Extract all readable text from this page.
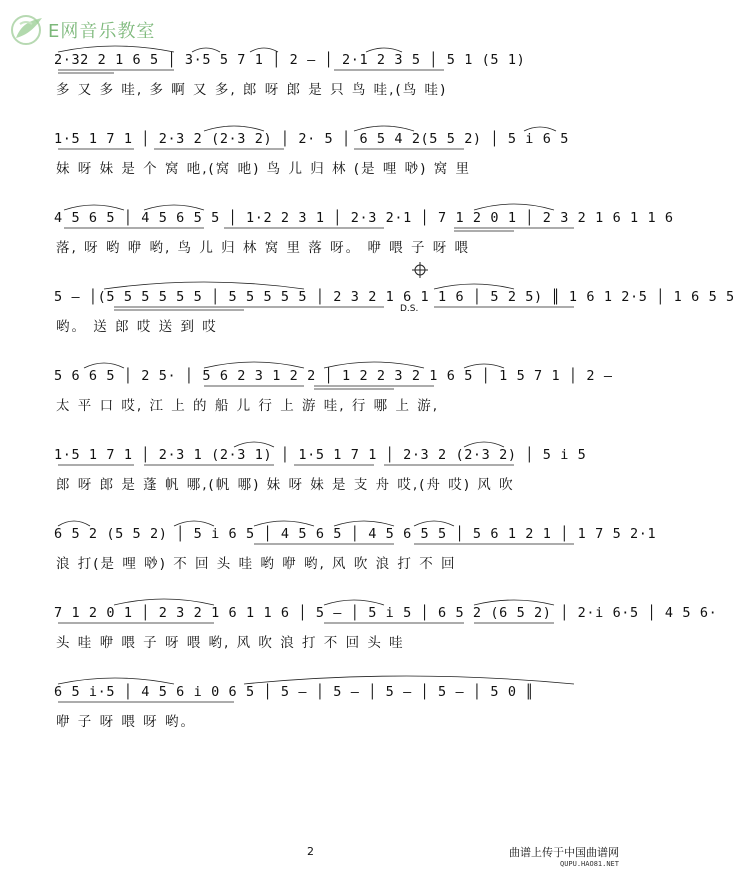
E网音乐教室
2·32 2 1 6 5 │ 3·5 5 7 1 │ 2 – │ 2·1 2 3 5 │ 5 1 (5 1)
多 又 多 哇, 多 啊 又 多, 郎 呀 郎 是 只 鸟 哇,(鸟 哇)
1·5 1 7 1 │ 2·3 2 (2·3 2) │ 2· 5 │ 6 5 4 2(5 5 2) │ 5 i 6 5
妹 呀 妹 是 个 窝 吔,(窝 吔) 鸟 儿 归 林 (是 哩 唦) 窝 里
4 5 6 5 │ 4 5 6 5 5 │ 1·2 2 3 1 │ 2·3 2·1 │ 7 1 2 0 1 │ 2 3 2 1 6 1 1 6
落, 呀 哟 咿 哟, 鸟 儿 归 林 窝 里 落 呀。 咿 喂 子 呀 喂
5 – │(5 5 5 5 5 5 │ 5 5 5 5 5 │ 2 3 2 1 6 1 1 6 │ 5 2 5) ║ 1 6 1 2·5 │ 1 6 5 5
哟。 送 郎 哎 送 到 哎
D.S.
5 6 6 5 │ 2 5· │ 5 6 2 3 1 2 2 │ 1 2 2 3 2 1 6 5 │ 1 5 7 1 │ 2 –
太 平 口 哎, 江 上 的 船 儿 行 上 游 哇, 行 哪 上 游,
1·5 1 7 1 │ 2·3 1 (2·3 1) │ 1·5 1 7 1 │ 2·3 2 (2·3 2) │ 5 i 5
郎 呀 郎 是 蓬 帆 哪,(帆 哪) 妹 呀 妹 是 支 舟 哎,(舟 哎) 风 吹
6 5 2 (5 5 2) │ 5 i 6 5 │ 4 5 6 5 │ 4 5 6 5 5 │ 5 6 1 2 1 │ 1 7 5 2·1
浪 打(是 哩 唦) 不 回 头 哇 哟 咿 哟, 风 吹 浪 打 不 回
7 1 2 0 1 │ 2 3 2 1 6 1 1 6 │ 5 – │ 5 i 5 │ 6 5 2 (6 5 2) │ 2·i 6·5 │ 4 5 6·
头 哇 咿 喂 子 呀 喂 哟, 风 吹 浪 打 不 回 头 哇
6 5 i·5 │ 4 5 6 i 0 6 5 │ 5 – │ 5 – │ 5 – │ 5 – │ 5 0 ║
咿 子 呀 喂 呀 哟。
2	曲谱上传于中国曲谱网
QUPU.HAO81.NET
